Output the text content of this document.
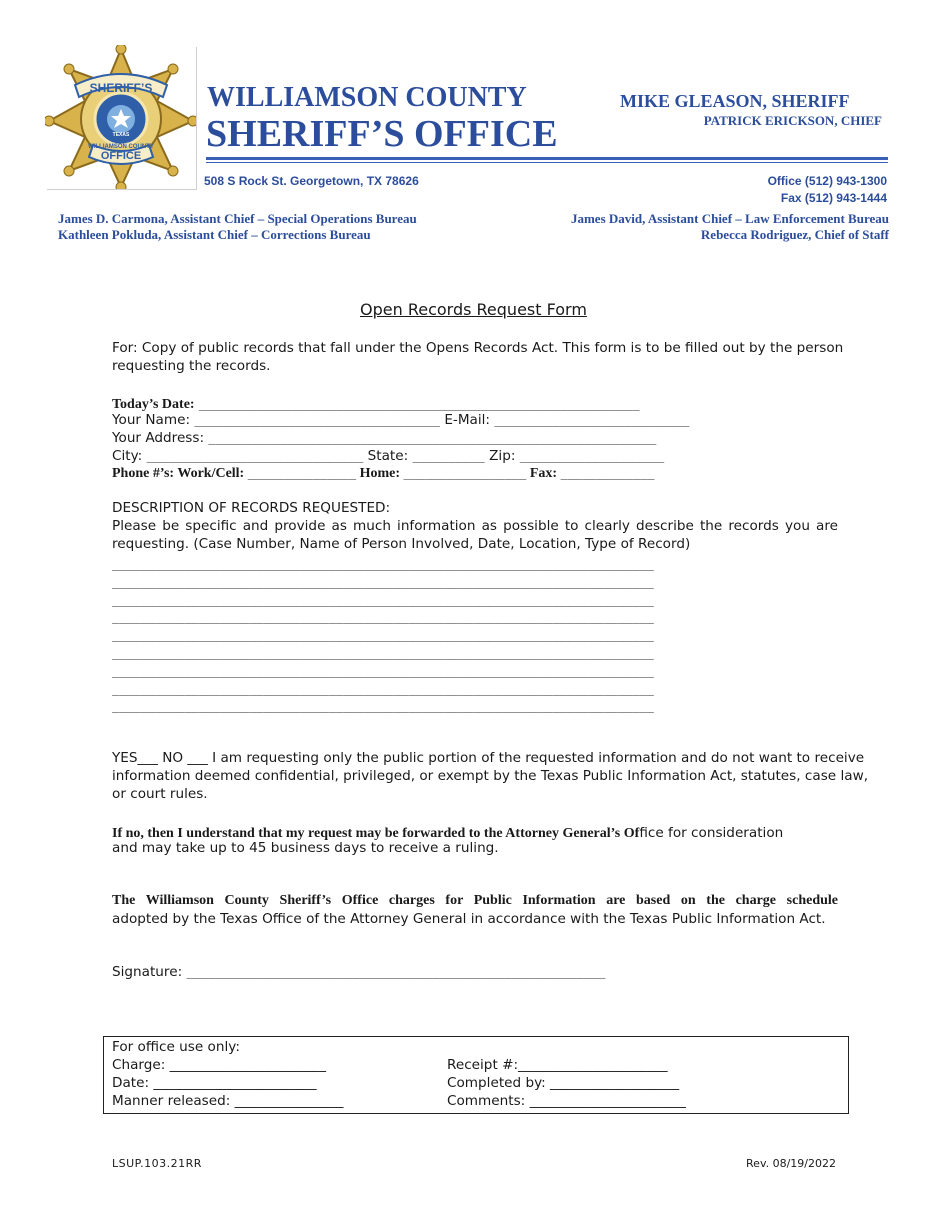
SHERIFF’S
OFFICE
WILLIAMSON COUNTY
TEXAS
WILLIAMSON COUNTY
SHERIFF’S OFFICE
MIKE GLEASON, SHERIFF
PATRICK ERICKSON, CHIEF
508 S Rock St. Georgetown, TX 78626	Office (512) 943-1300
Fax (512) 943-1444
James D. Carmona, Assistant Chief – Special Operations Bureau
Kathleen Pokluda, Assistant Chief – Corrections Bureau
James David, Assistant Chief – Law Enforcement Bureau
Rebecca Rodriguez, Chief of Staff
Open Records Request Form
For: Copy of public records that fall under the Opens Records Act. This form is to be filled out by the person
requesting the records.
Today’s Date: _____________________________________________________________
Your Name: __________________________________ E-Mail: ___________________________
Your Address: ______________________________________________________________
City: ______________________________ State: __________ Zip: ____________________
Phone #’s: Work/Cell: _______________ Home: _________________ Fax: _____________
DESCRIPTION OF RECORDS REQUESTED:
Please be specific and provide as much information as possible to clearly describe the records you are
requesting. (Case Number, Name of Person Involved, Date, Location, Type of Record)
___________________________________________________________________________
___________________________________________________________________________
___________________________________________________________________________
___________________________________________________________________________
___________________________________________________________________________
___________________________________________________________________________
___________________________________________________________________________
___________________________________________________________________________
___________________________________________________________________________
YES___ NO ___ I am requesting only the public portion of the requested information and do not want to receive
information deemed confidential, privileged, or exempt by the Texas Public Information Act, statutes, case law,
or court rules.
If no, then I understand that my request may be forwarded to the Attorney General’s Office for consideration
and may take up to 45 business days to receive a ruling.
The Williamson County Sheriff’s Office charges for Public Information are based on the charge schedule
adopted by the Texas Office of the Attorney General in accordance with the Texas Public Information Act.
Signature: __________________________________________________________
For office use only:
Charge: _______________________
Date: ________________________
Manner released: ________________
Receipt #:______________________
Completed by: ___________________
Comments: _______________________
LSUP.103.21RR	Rev. 08/19/2022
